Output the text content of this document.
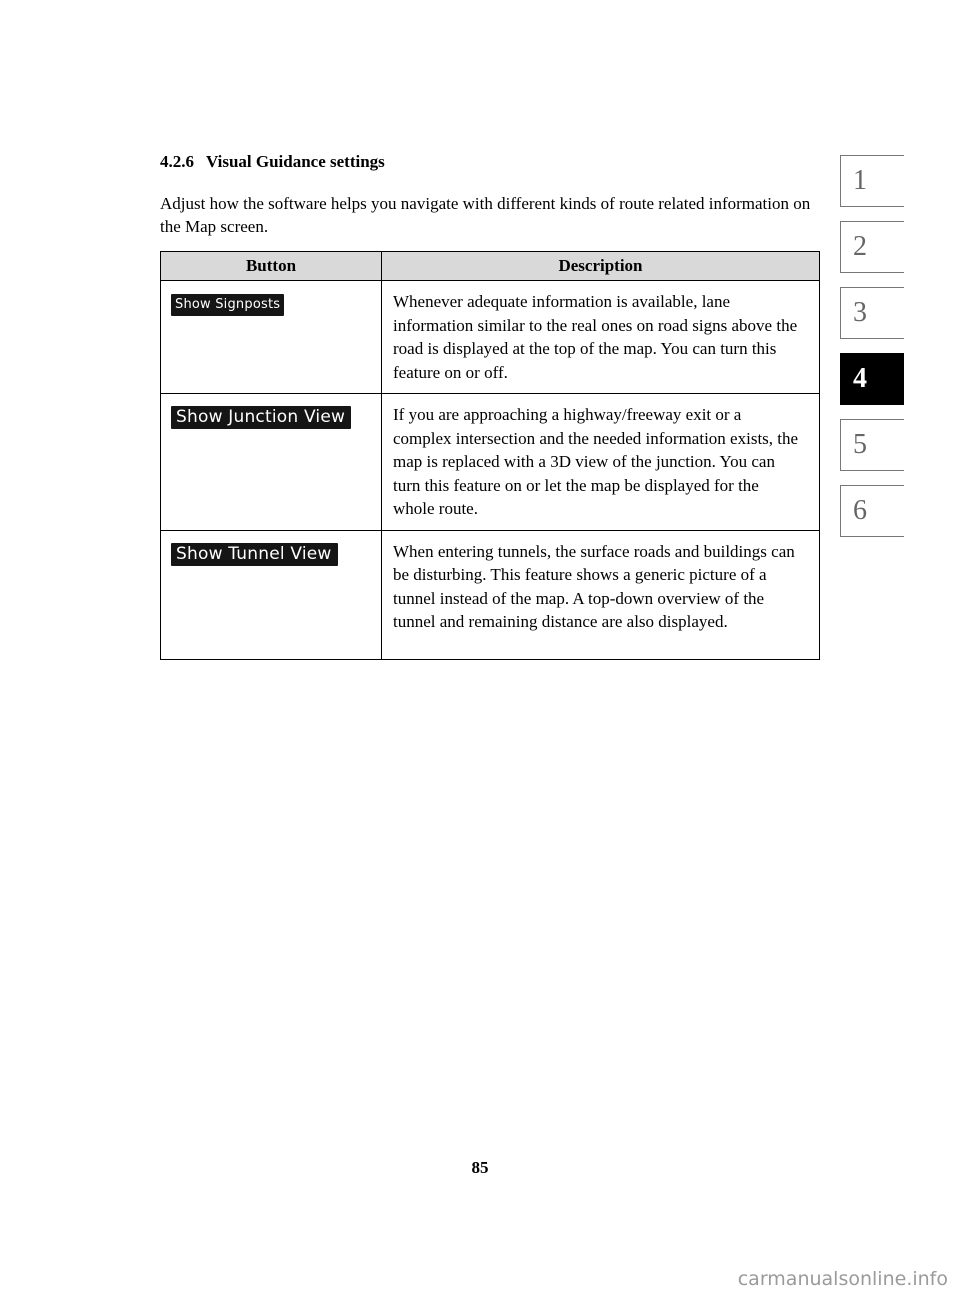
4.2.6 Visual Guidance settings
Adjust how the software helps you navigate with different kinds of route related information on the Map screen.
Button	Description
Show Signposts	Whenever adequate information is available, lane information similar to the real ones on road signs above the road is displayed at the top of the map. You can turn this feature on or off.
Show Junction View	If you are approaching a highway/freeway exit or a complex intersection and the needed information exists, the map is replaced with a 3D view of the junction. You can turn this feature on or let the map be displayed for the whole route.
Show Tunnel View	When entering tunnels, the surface roads and buildings can be disturbing. This feature shows a generic picture of a tunnel instead of the map. A top-down overview of the tunnel and remaining distance are also displayed.
1
2
3
4
5
6
85
carmanualsonline.info
